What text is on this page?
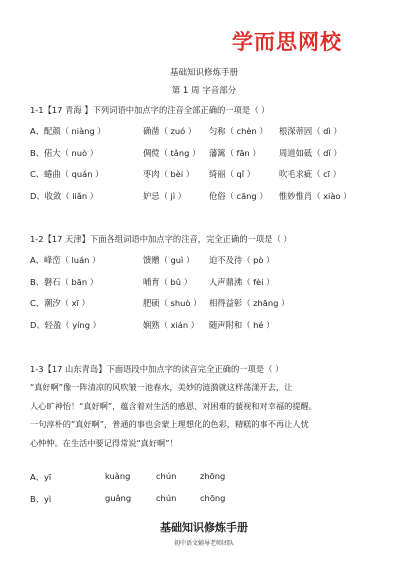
学而思网校
基础知识修炼手册
第 1 周 字音部分
1-1【17 青海 】下列词语中加点字的注音全部正确的一项是（ ）
A、配颜（ niàng ）	确凿（ zuó ） 匀称（ chèn ） 根深蒂固（ dì ）
B、偌大（ nuò ）	倜傥（ tǎng ） 藩篱（ fān ） 周道如砥（ dǐ ）
C、蜷曲（ quán ）	枣肉（ bèi ） 绮丽（ qǐ ）	吹毛求疵（ cī ）
D、收敛（ liǎn ）	妒忌（ jì ）	伧俗（ cāng ） 惟妙惟肖（ xiào ）
1-2【17 天津】下面各组词语中加点字的注音，完全正确的一项是（ ）
A、峰峦（ luán ）	馈赠（ guì ） 迫不及待（ pò ）
B、磐石（ bān ）	哺育（ bǔ ） 人声鼎沸（ fèi ）
C、潮汐（ xī ）	肥硕（ shuò ） 相得益彰（ zhāng ）
D、轻盈（ yíng ）	娴熟（ xián ） 随声附和（ hé ）
1-3【17 山东青岛】下面语段中加点字的读音完全正确的一项是（ ）

“真好啊”像一阵清凉的风吹皱一池春水，美妙的涟漪就这样荡漾开去，让

人心旷神怡！“真好啊”，蕴含着对生活的感恩、对困难的藐视和对幸福的提醒。

一句淳朴的“真好啊”，普通的事也会蒙上理想化的色彩，精糕的事不再让人忧

心忡忡。在生活中要记得常说“真好啊”！

A、yī	kuàng	chún	zhōng
B、yì	guǎng	chún	chōng
基础知识修炼手册
初中语文辅导老师团队
